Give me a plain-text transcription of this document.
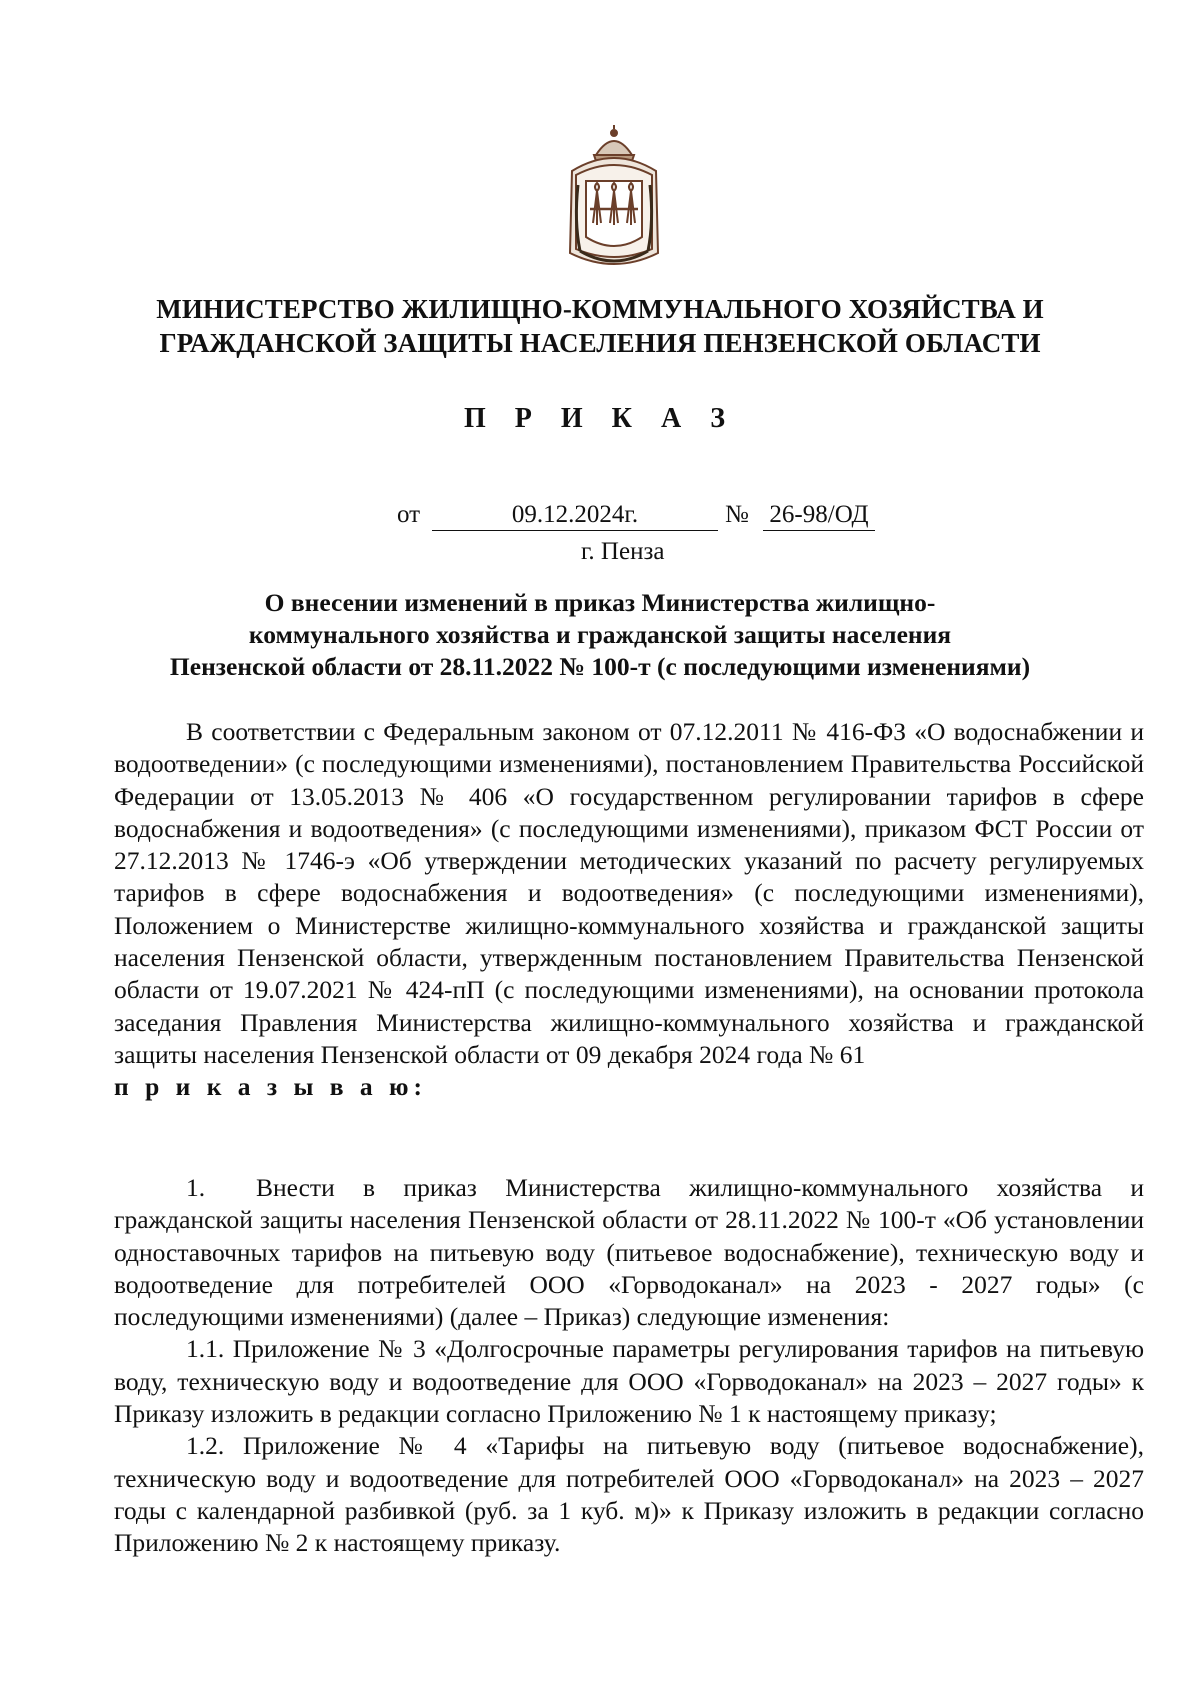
МИНИСТЕРСТВО ЖИЛИЩНО-КОММУНАЛЬНОГО ХОЗЯЙСТВА И
ГРАЖДАНСКОЙ ЗАЩИТЫ НАСЕЛЕНИЯ ПЕНЗЕНСКОЙ ОБЛАСТИ
П Р И К А З
от	09.12.2024г.	№ 26-98/ОД
г. Пенза
О внесении изменений в приказ Министерства жилищно-
коммунального хозяйства и гражданской защиты населения
Пензенской области от 28.11.2022 № 100-т (с последующими изменениями)

В соответствии с Федеральным законом от 07.12.2011 № 416-ФЗ «О водоснабжении и водоотведении» (с последующими изменениями), постановлением Правительства Российской Федерации от 13.05.2013 № 406 «О государственном регулировании тарифов в сфере водоснабжения и водоотведения» (с последующими изменениями), приказом ФСТ России от 27.12.2013 № 1746-э «Об утверждении методических указаний по расчету регулируемых тарифов в сфере водоснабжения и водоотведения» (с последующими изменениями), Положением о Министерстве жилищно-коммунального хозяйства и гражданской защиты населения Пензенской области, утвержденным постановлением Правительства Пензенской области от 19.07.2021 № 424-пП (с последующими изменениями), на основании протокола заседания Правления Министерства жилищно-коммунального хозяйства и гражданской защиты населения Пензенской области от 09 декабря 2024 года № 61

п р и к а з ы в а ю:

1. Внести в приказ Министерства жилищно-коммунального хозяйства и гражданской защиты населения Пензенской области от 28.11.2022 № 100-т «Об установлении одноставочных тарифов на питьевую воду (питьевое водоснабжение), техническую воду и водоотведение для потребителей ООО «Горводоканал» на 2023 - 2027 годы» (с последующими изменениями) (далее – Приказ) следующие изменения:

1.1. Приложение № 3 «Долгосрочные параметры регулирования тарифов на питьевую воду, техническую воду и водоотведение для ООО «Горводоканал» на 2023 – 2027 годы» к Приказу изложить в редакции согласно Приложению № 1 к настоящему приказу;

1.2. Приложение № 4 «Тарифы на питьевую воду (питьевое водоснабжение), техническую воду и водоотведение для потребителей ООО «Горводоканал» на 2023 – 2027 годы с календарной разбивкой (руб. за 1 куб. м)» к Приказу изложить в редакции согласно Приложению № 2 к настоящему приказу.
